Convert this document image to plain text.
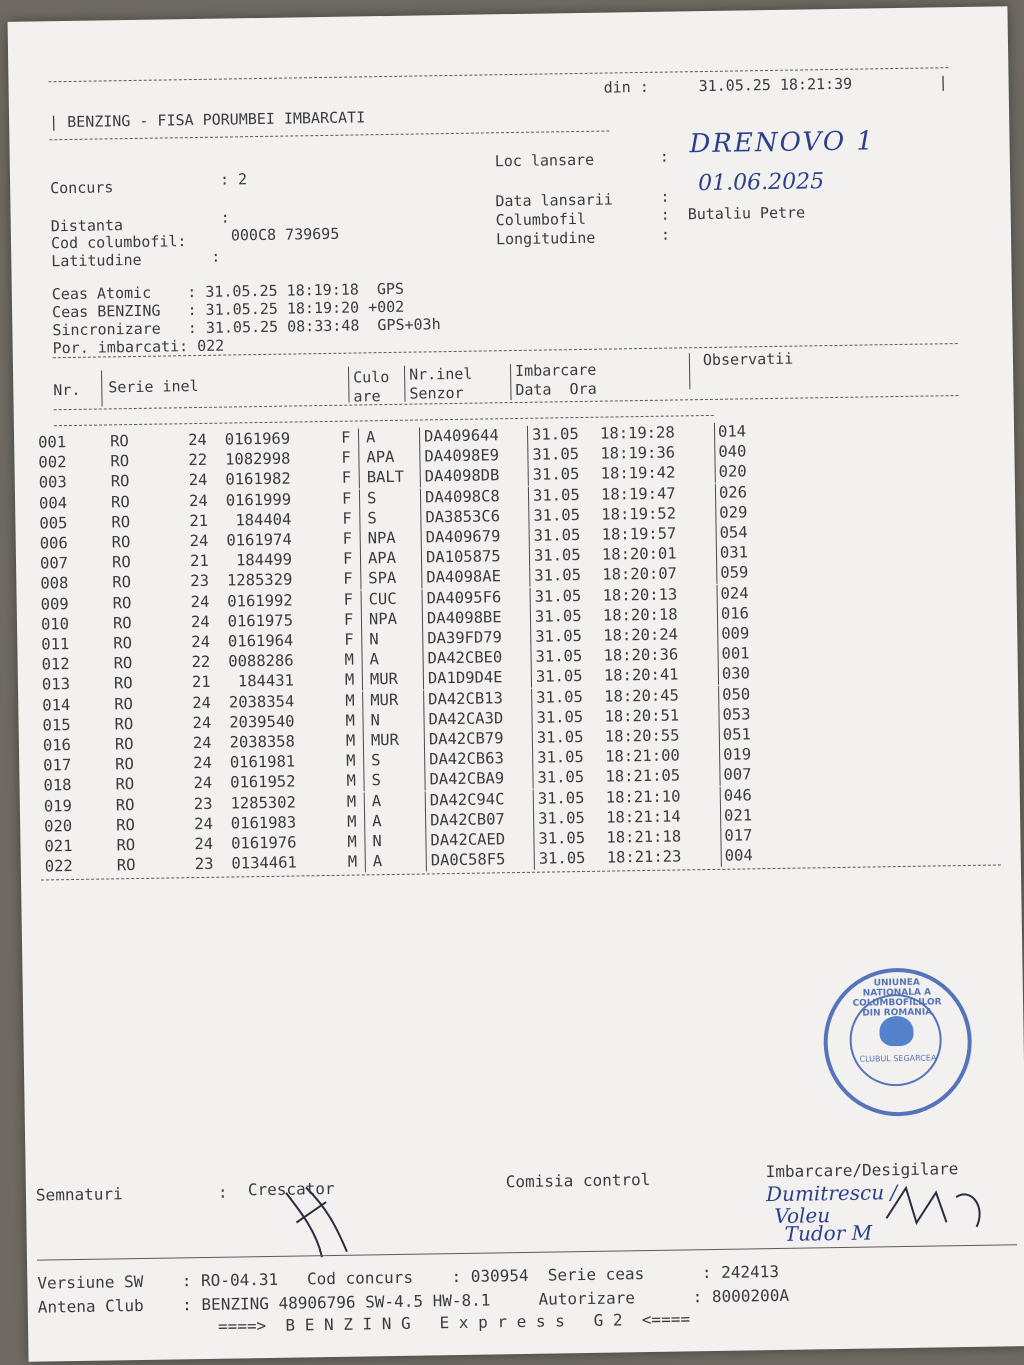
din :	31.05.25 18:21:39	|
| BENZING - FISA PORUMBEI IMBARCATI
Concurs	: 2
Distanta	:
Cod columbofil:	000C8 739695
Latitudine	:
Loc lansare	: DRENOVO 1
Data lansarii	:
01.06.2025
Columbofil	:  Butaliu Petre
Longitudine	:
Ceas Atomic    : 31.05.25 18:19:18  GPS
Ceas BENZING   : 31.05.25 18:19:20 +002
Sincronizare   : 31.05.25 08:33:48  GPS+03h
Por. imbarcati: 022
Nr. Serie inel	Culo
are
Nr.inel
Senzor
Imbarcare
Data  Ora
Observatii
001	RO	24	0161969	F A	DA409644 31.05 18:19:28	014
002	RO	22	1082998	F APA DA4098E9 31.05 18:19:36	040
003	RO	24	0161982	F BALT DA4098DB 31.05 18:19:42	020
004	RO	24	0161999	F S	DA4098C8 31.05 18:19:47	026
005	RO	21	184404	F S	DA3853C6 31.05 18:19:52	029
006	RO	24	0161974	F NPA DA409679 31.05 18:19:57	054
007	RO	21	184499	F APA DA105875 31.05 18:20:01	031
008	RO	23	1285329	F SPA DA4098AE 31.05 18:20:07	059
009	RO	24	0161992	F CUC DA4095F6 31.05 18:20:13	024
010	RO	24	0161975	F NPA DA4098BE 31.05 18:20:18	016
011	RO	24	0161964	F N	DA39FD79 31.05 18:20:24	009
012	RO	22	0088286	M A	DA42CBE0 31.05 18:20:36	001
013	RO	21	184431	M MUR DA1D9D4E 31.05 18:20:41	030
014	RO	24	2038354	M MUR DA42CB13 31.05 18:20:45	050
015	RO	24	2039540	M N	DA42CA3D 31.05 18:20:51	053
016	RO	24	2038358	M MUR DA42CB79 31.05 18:20:55	051
017	RO	24	0161981	M S	DA42CB63 31.05 18:21:00	019
018	RO	24	0161952	M S	DA42CBA9 31.05 18:21:05	007
019	RO	23	1285302	M A	DA42C94C 31.05 18:21:10	046
020	RO	24	0161983	M A	DA42CB07 31.05 18:21:14	021
021	RO	24	0161976	M N	DA42CAED 31.05 18:21:18	017
022	RO	23	0134461	M A	DA0C58F5 31.05 18:21:23	004
UNIUNEA NATIONALA A COLUMBOFILILOR DIN ROMANIA
CLUBUL SEGARCEA
Semnaturi	: Crescator	Comisia control	Imbarcare/Desigilare
Dumitrescu /
Voleu
Tudor M
Versiune SW    : RO-04.31   Cod concurs    : 030954  Serie ceas      : 242413
Antena Club    : BENZING 48906796 SW-4.5 HW-8.1     Autorizare      : 8000200A
====>  B E N Z I N G   E x p r e s s   G 2  <====
